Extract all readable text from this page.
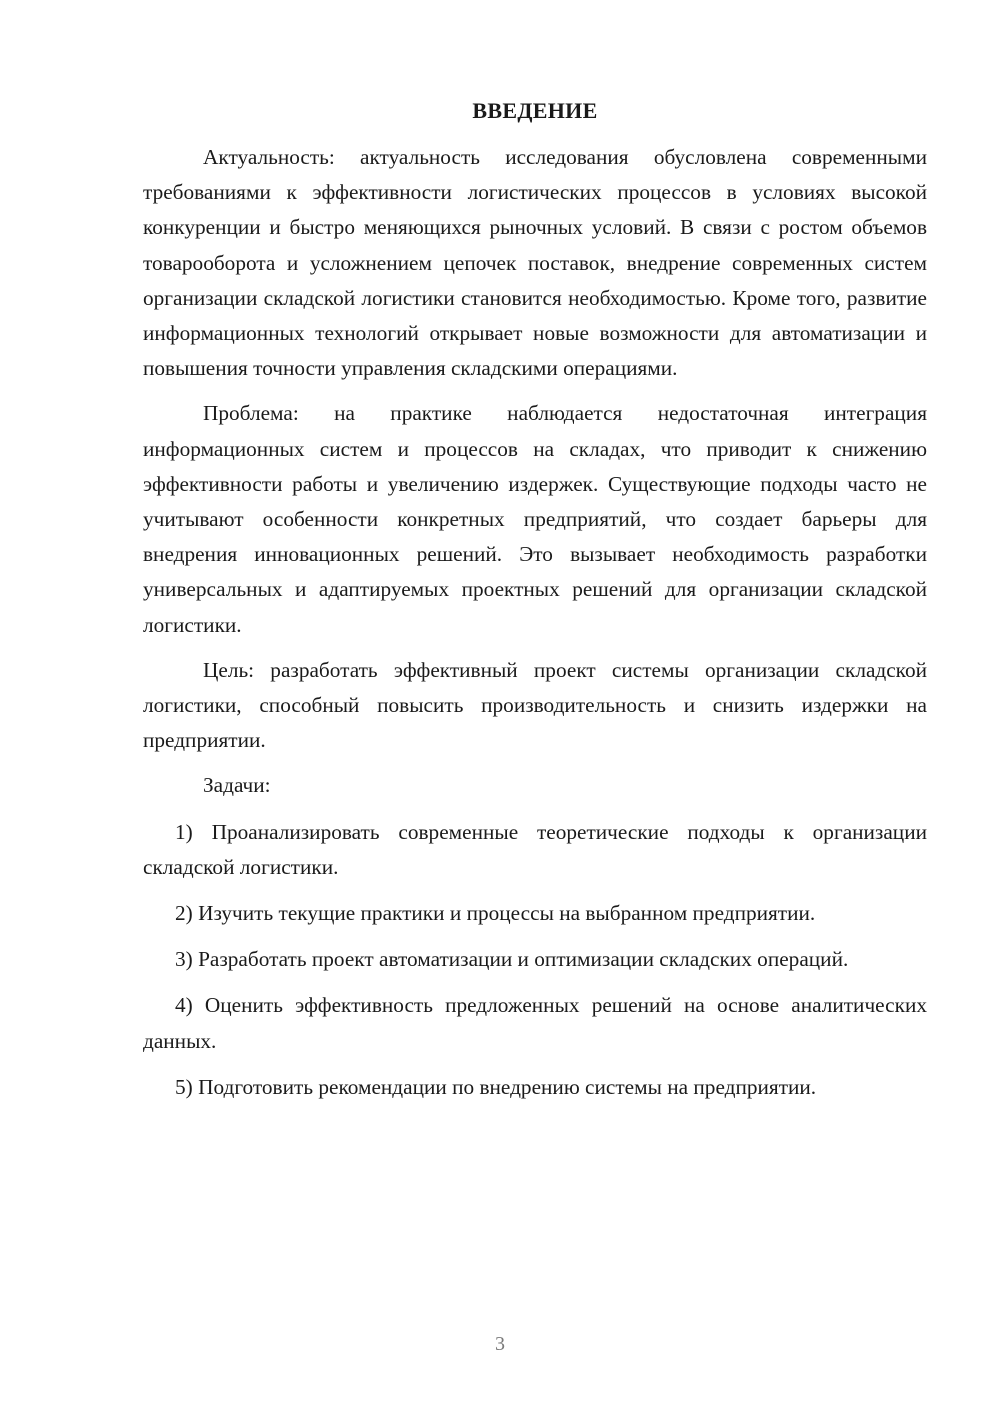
ВВЕДЕНИЕ

Актуальность: актуальность исследования обусловлена современными требованиями к эффективности логистических процессов в условиях высокой конкуренции и быстро меняющихся рыночных условий. В связи с ростом объемов товарооборота и усложнением цепочек поставок, внедрение современных систем организации складской логистики становится необходимостью. Кроме того, развитие информационных технологий открывает новые возможности для автоматизации и повышения точности управления складскими операциями.

Проблема: на практике наблюдается недостаточная интеграция информационных систем и процессов на складах, что приводит к снижению эффективности работы и увеличению издержек. Существующие подходы часто не учитывают особенности конкретных предприятий, что создает барьеры для внедрения инновационных решений. Это вызывает необходимость разработки универсальных и адаптируемых проектных решений для организации складской логистики.

Цель: разработать эффективный проект системы организации складской логистики, способный повысить производительность и снизить издержки на предприятии.

Задачи:

1) Проанализировать современные теоретические подходы к организации складской логистики.

2) Изучить текущие практики и процессы на выбранном предприятии.

3) Разработать проект автоматизации и оптимизации складских операций.

4) Оценить эффективность предложенных решений на основе аналитических данных.

5) Подготовить рекомендации по внедрению системы на предприятии.

3
